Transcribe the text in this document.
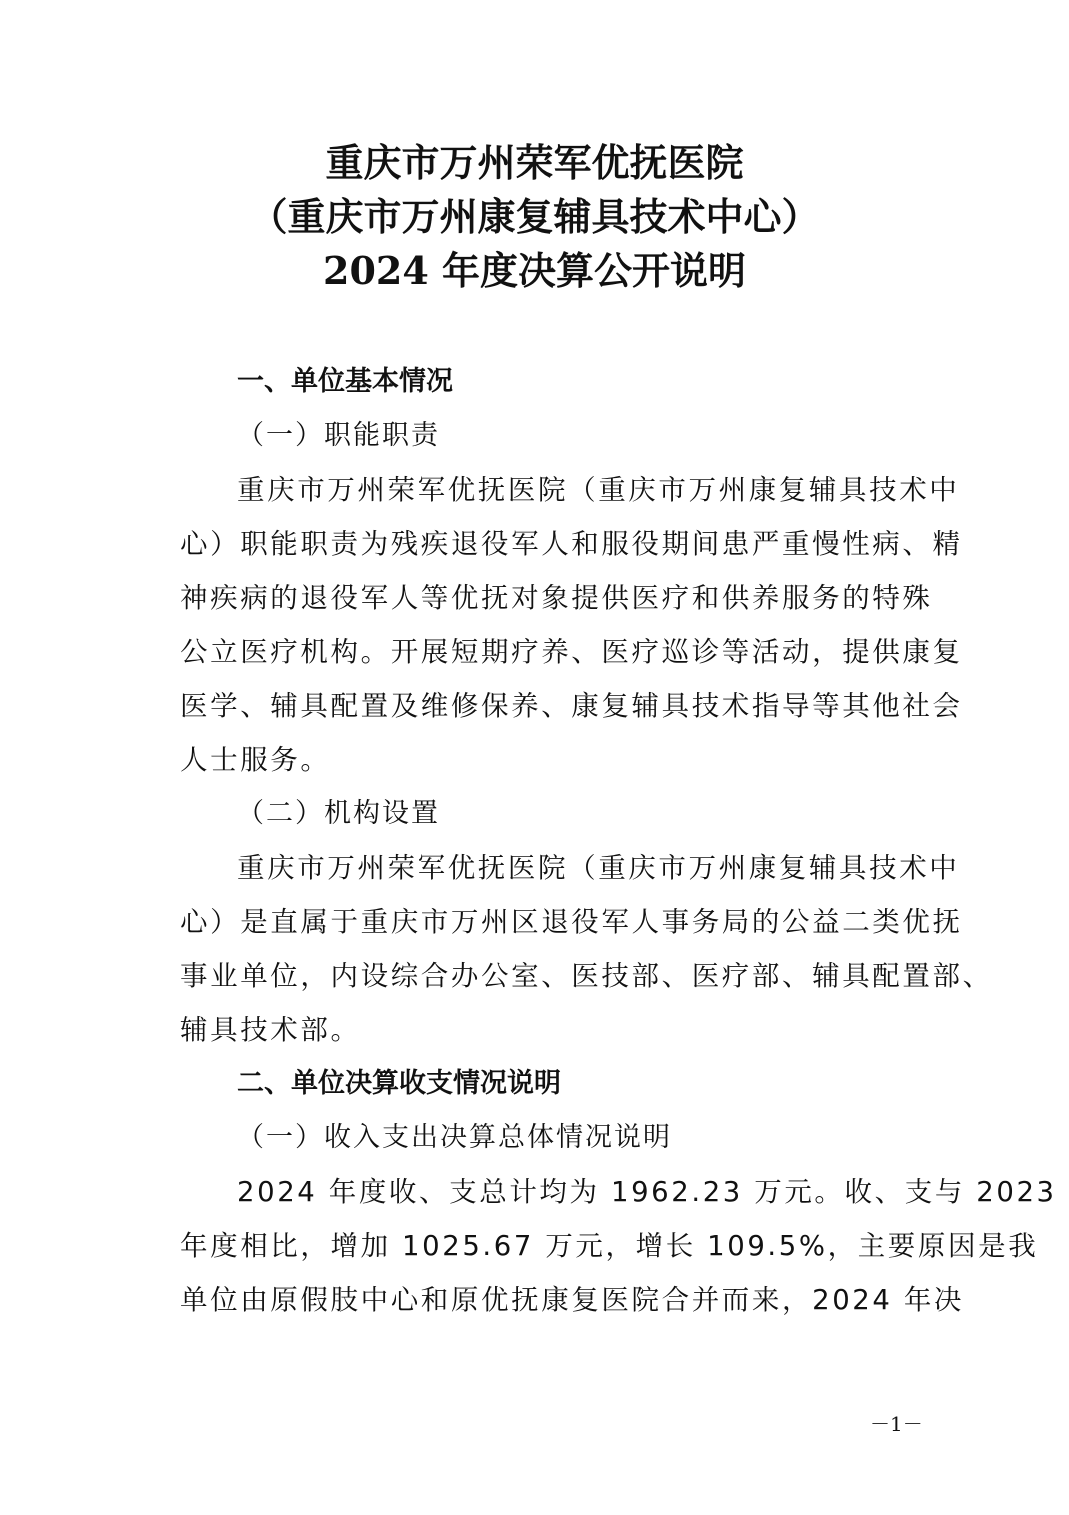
重庆市万州荣军优抚医院
（重庆市万州康复辅具技术中心）
2024 年度决算公开说明
一、单位基本情况
（一）职能职责
重庆市万州荣军优抚医院（重庆市万州康复辅具技术中
心）职能职责为残疾退役军人和服役期间患严重慢性病、精
神疾病的退役军人等优抚对象提供医疗和供养服务的特殊
公立医疗机构。开展短期疗养、医疗巡诊等活动，提供康复
医学、辅具配置及维修保养、康复辅具技术指导等其他社会
人士服务。
（二）机构设置
重庆市万州荣军优抚医院（重庆市万州康复辅具技术中
心）是直属于重庆市万州区退役军人事务局的公益二类优抚
事业单位，内设综合办公室、医技部、医疗部、辅具配置部、
辅具技术部。
二、单位决算收支情况说明
（一）收入支出决算总体情况说明
2024 年度收、支总计均为 1962.23 万元。收、支与 2023
年度相比，增加 1025.67 万元，增长 109.5%，主要原因是我
单位由原假肢中心和原优抚康复医院合并而来，2024 年决
－1－
